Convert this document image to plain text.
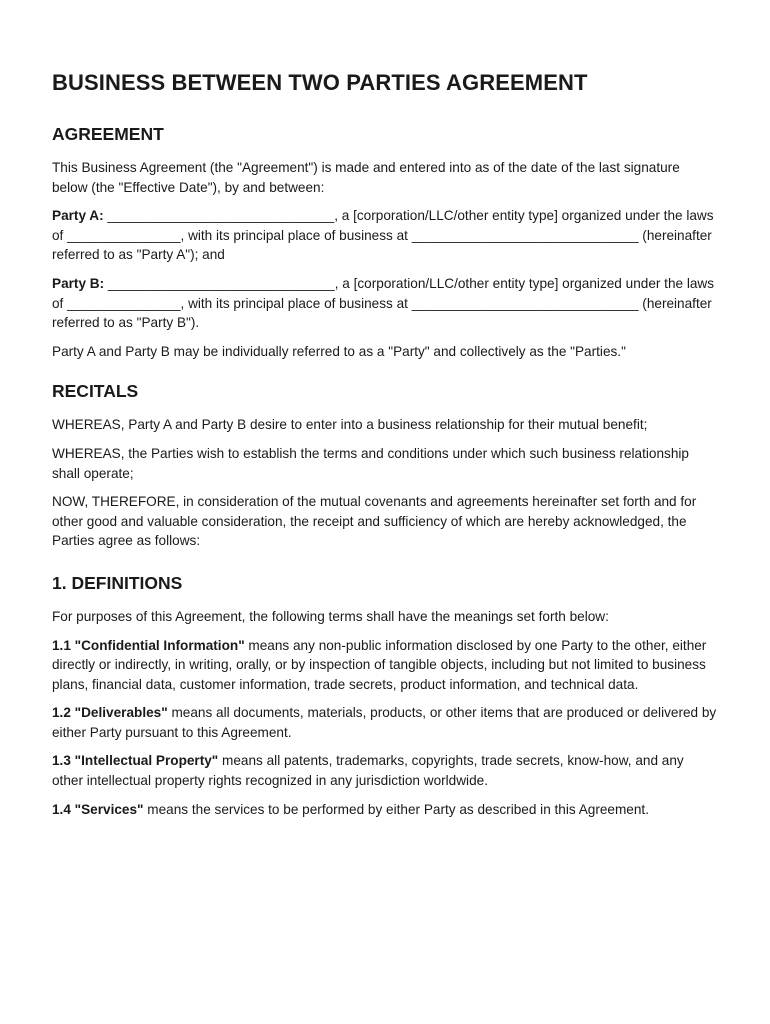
BUSINESS BETWEEN TWO PARTIES AGREEMENT
AGREEMENT

This Business Agreement (the "Agreement") is made and entered into as of the date of the last signature below (the "Effective Date"), by and between:

Party A: ______________________________, a [corporation/LLC/other entity type] organized under the laws of _______________, with its principal place of business at ______________________________ (hereinafter referred to as "Party A"); and

Party B: ______________________________, a [corporation/LLC/other entity type] organized under the laws of _______________, with its principal place of business at ______________________________ (hereinafter referred to as "Party B").

Party A and Party B may be individually referred to as a "Party" and collectively as the "Parties."

RECITALS

WHEREAS, Party A and Party B desire to enter into a business relationship for their mutual benefit;

WHEREAS, the Parties wish to establish the terms and conditions under which such business relationship shall operate;

NOW, THEREFORE, in consideration of the mutual covenants and agreements hereinafter set forth and for other good and valuable consideration, the receipt and sufficiency of which are hereby acknowledged, the Parties agree as follows:

1. DEFINITIONS

For purposes of this Agreement, the following terms shall have the meanings set forth below:

1.1 "Confidential Information" means any non-public information disclosed by one Party to the other, either directly or indirectly, in writing, orally, or by inspection of tangible objects, including but not limited to business plans, financial data, customer information, trade secrets, product information, and technical data.

1.2 "Deliverables" means all documents, materials, products, or other items that are produced or delivered by either Party pursuant to this Agreement.

1.3 "Intellectual Property" means all patents, trademarks, copyrights, trade secrets, know-how, and any other intellectual property rights recognized in any jurisdiction worldwide.

1.4 "Services" means the services to be performed by either Party as described in this Agreement.
